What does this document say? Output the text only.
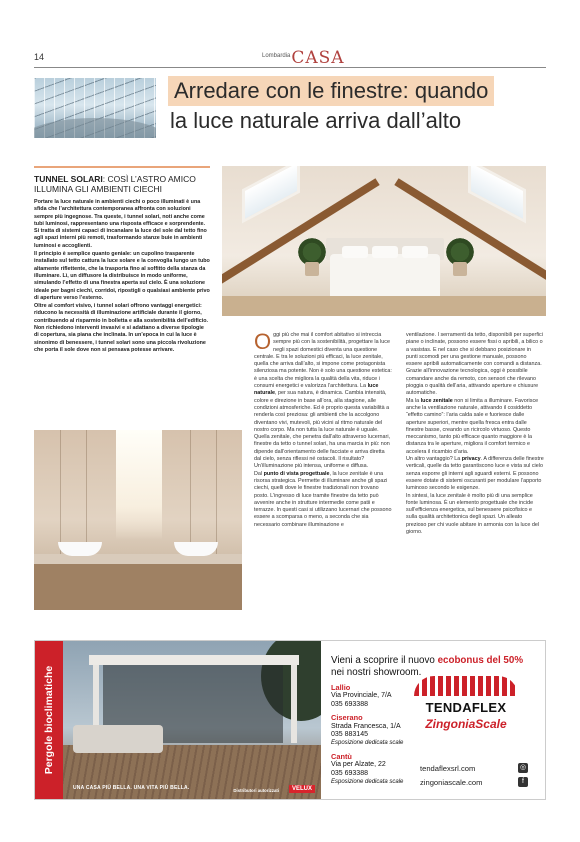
14	Lombardia CASA
Arredare con le finestre: quando
la luce naturale arriva dall’alto
TUNNEL SOLARI: COSÌ L’ASTRO AMICO ILLUMINA GLI AMBIENTI CIECHI

Portare la luce naturale in ambienti ciechi o poco illuminati è una sfida che l’architettura contemporanea affronta con soluzioni sempre più ingegnose. Tra queste, i tunnel solari, noti anche come tubi luminosi, rappresentano una risposta efficace e sorprendente. Si tratta di sistemi capaci di incanalare la luce del sole dal tetto fino agli spazi interni più remoti, trasformando stanze buie in ambienti luminosi e accoglienti.

Il principio è semplice quanto geniale: un cupolino trasparente installato sul tetto cattura la luce solare e la convoglia lungo un tubo altamente riflettente, che la trasporta fino al soffitto della stanza da illuminare. Lì, un diffusore la distribuisce in modo uniforme, simulando l’effetto di una finestra aperta sul cielo. È una soluzione ideale per bagni ciechi, corridoi, ripostigli o qualsiasi ambiente privo di aperture verso l’esterno.

Oltre al comfort visivo, i tunnel solari offrono vantaggi energetici: riducono la necessità di illuminazione artificiale durante il giorno, contribuendo al risparmio in bolletta e alla sostenibilità dell’edificio. Non richiedono interventi invasivi e si adattano a diverse tipologie di copertura, sia piana che inclinata. In un’epoca in cui la luce è sinonimo di benessere, i tunnel solari sono una piccola rivoluzione che porta il sole dove non si pensava potesse arrivare.	Oggi più che mai il comfort abitativo si intreccia sempre più con la sostenibilità, progettare la luce negli spazi domestici diventa una questione centrale. E tra le soluzioni più efficaci, la luce zenitale, quella che arriva dall’alto, si impone come protagonista silenziosa ma potente. Non è solo una questione estetica: è una scelta che migliora la qualità della vita, riduce i consumi energetici e valorizza l’architettura. La luce naturale, per sua natura, è dinamica. Cambia intensità, colore e direzione in base all’ora, alla stagione, alle condizioni atmosferiche. Ed è proprio questa variabilità a renderla così preziosa: gli ambienti che la accolgono diventano vivi, mutevoli, più vicini al ritmo naturale del nostro corpo. Ma non tutta la luce naturale è uguale. Quella zenitale, che penetra dall’alto attraverso lucernari, finestre da tetto o tunnel solari, ha una marcia in più: non dipende dall’orientamento delle facciate e arriva diretta dal cielo, senza riflessi né ostacoli. Il risultato? Un’illuminazione più intensa, uniforme e diffusa.
Dal punto di vista progettuale, la luce zenitale è una risorsa strategica. Permette di illuminare anche gli spazi ciechi, quelli dove le finestre tradizionali non trovano posto. L’ingresso di luce tramite finestre da tetto può avvenire anche in strutture intermedie come patii e terrazze. In questi casi si utilizzano lucernari che possono essere a scomparsa o meno, a seconda che sia necessario combinare illuminazione e
ventilazione. I serramenti da tetto, disponibili per superfici piane o inclinate, possono essere fissi o apribili, a bilico o a vasistas. E nel caso che si debbano posizionare in punti scomodi per una gestione manuale, possono essere apribili automaticamente con comandi a distanza. Grazie all’innovazione tecnologica, oggi è possibile comandare anche da remoto, con sensori che rilevano pioggia o qualità dell’aria, attivando aperture e chiusure automatiche.
Ma la luce zenitale non si limita a illuminare. Favorisce anche la ventilazione naturale, attivando il cosiddetto “effetto camino”: l’aria calda sale e fuoriesce dalle aperture superiori, mentre quella fresca entra dalle finestre basse, creando un ricircolo virtuoso. Questo meccanismo, tanto più efficace quanto maggiore è la distanza tra le aperture, migliora il comfort termico e accelera il ricambio d’aria.
Un altro vantaggio? La privacy. A differenza delle finestre verticali, quelle da tetto garantiscono luce e vista sul cielo senza esporre gli interni agli sguardi esterni. E possono essere dotate di sistemi oscuranti per modulare l’apporto luminoso secondo le esigenze.
In sintesi, la luce zenitale è molto più di una semplice fonte luminosa. È un elemento progettuale che incide sull’efficienza energetica, sul benessere psicofisico e sulla qualità architettonica degli spazi. Un alleato prezioso per chi vuole abitare in armonia con la luce del giorno.
Pergole bioclimatiche
UNA CASA PIÙ BELLA. UNA VITA PIÙ BELLA.	Distributori autorizzati	VELUX
Vieni a scoprire il nuovo ecobonus del 50%
nei nostri showroom.
Lallio
Via Provinciale, 7/A
035 693388
Ciserano
Strada Francesca, 1/A
035 883145
Esposizione dedicata scale
Cantù
Via per Alzate, 22
035 693388
Esposizione dedicata scale
TENDAFLEX
ZingoniaScale
tendaflexsrl.com
zingoniascale.com
◎
f
